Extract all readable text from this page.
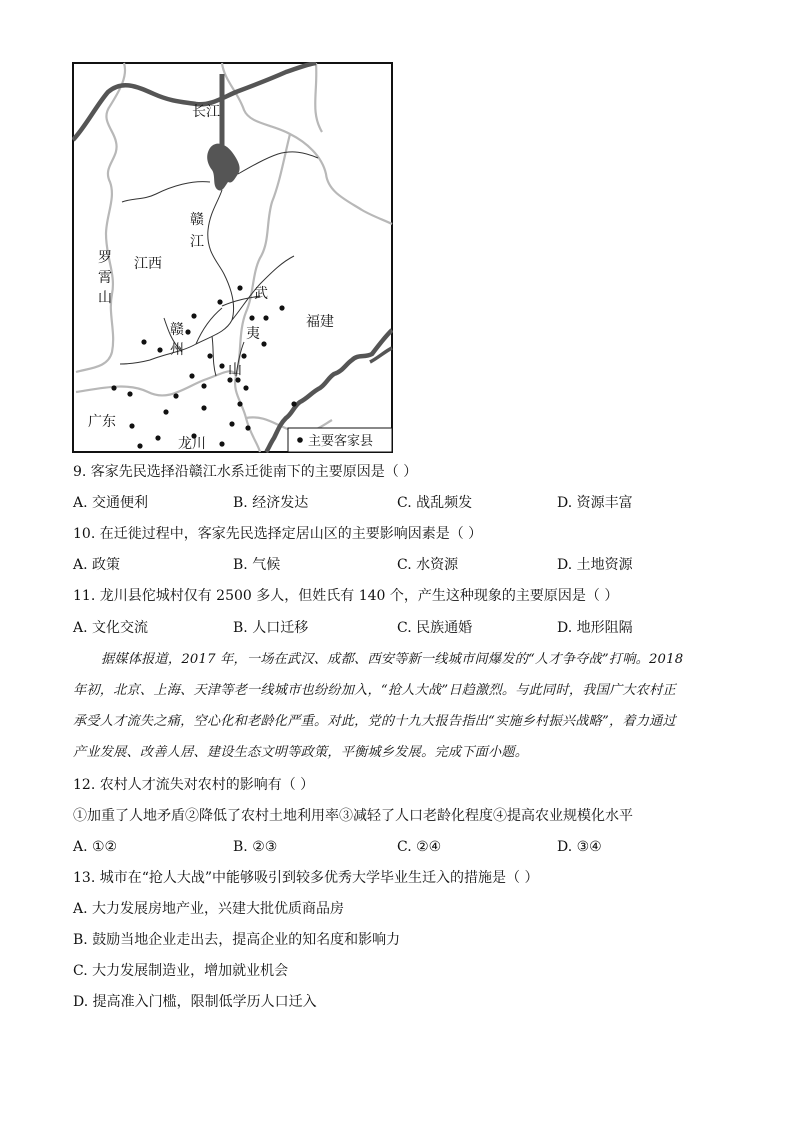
长江
赣
江
江西
罗
霄
山	武
夷
山
福建
赣
州
广东
龙川	主要客家县
9. 客家先民选择沿赣江水系迁徙南下的主要原因是（ ）
A. 交通便利	B. 经济发达	C. 战乱频发	D. 资源丰富
10. 在迁徙过程中，客家先民选择定居山区的主要影响因素是（ ）
A. 政策	B. 气候	C. 水资源	D. 土地资源
11. 龙川县佗城村仅有 2500 多人，但姓氏有 140 个，产生这种现象的主要原因是（ ）
A. 文化交流	B. 人口迁移	C. 民族通婚	D. 地形阻隔
据媒体报道，2017 年，一场在武汉、成都、西安等新一线城市间爆发的“人才争夺战”打响。2018
年初，北京、上海、天津等老一线城市也纷纷加入，“抢人大战”日趋激烈。与此同时，我国广大农村正
承受人才流失之痛，空心化和老龄化严重。对此，党的十九大报告指出“实施乡村振兴战略”，着力通过
产业发展、改善人居、建设生态文明等政策，平衡城乡发展。完成下面小题。
12. 农村人才流失对农村的影响有（ ）
①加重了人地矛盾②降低了农村土地利用率③减轻了人口老龄化程度④提高农业规模化水平
A. ①②	B. ②③	C. ②④	D. ③④
13. 城市在“抢人大战”中能够吸引到较多优秀大学毕业生迁入的措施是（ ）
A. 大力发展房地产业，兴建大批优质商品房
B. 鼓励当地企业走出去，提高企业的知名度和影响力
C. 大力发展制造业，增加就业机会
D. 提高准入门槛，限制低学历人口迁入
